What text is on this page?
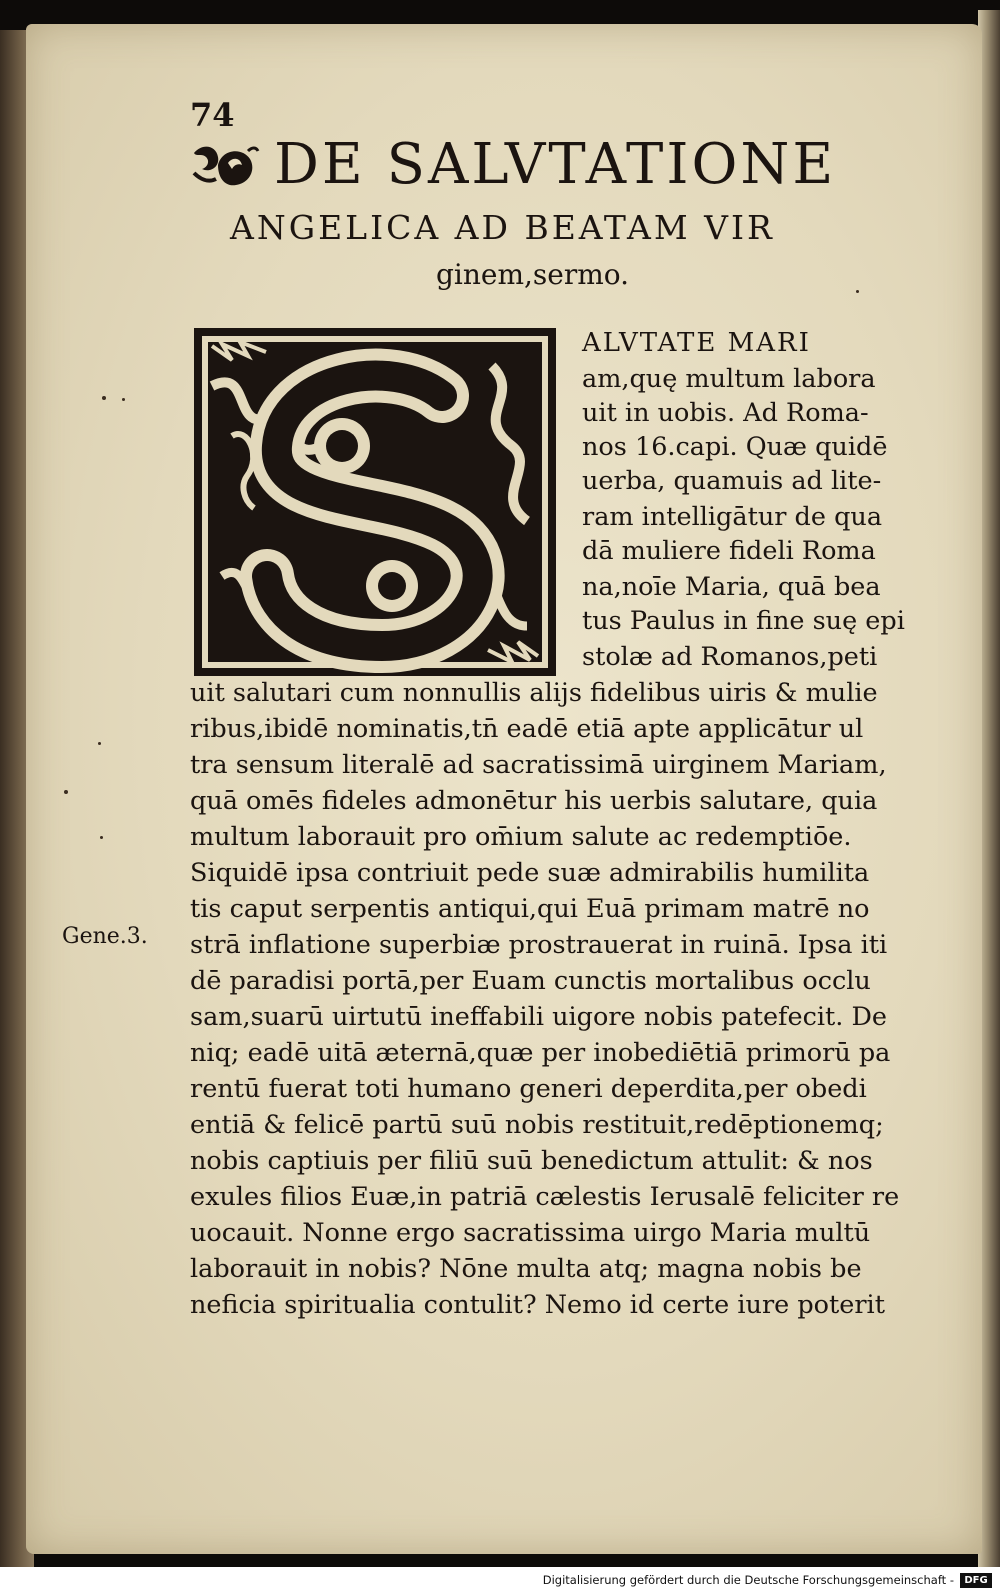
74
DE SALVTATIONE
ANGELICA AD BEATAM VIR
ginem,sermo.
ALVTATE MARI
am,quę multum labora
uit in uobis. Ad Roma-
nos 16.capi. Quæ quidē
uerba, quamuis ad lite-
ram intelligātur de qua
dā muliere fideli Roma
na,noīe Maria, quā bea
tus Paulus in fine suę epi
stolæ ad Romanos,peti
uit salutari cum nonnullis alijs fidelibus uiris & mulie
ribus,ibidē nominatis,tn̄ eadē etiā apte applicātur ul
tra sensum literalē ad sacratissimā uirginem Mariam,
quā omēs fideles admonētur his uerbis salutare, quia
multum laborauit pro om̄ium salute ac redemptiōe.
Siquidē ipsa contriuit pede suæ admirabilis humilita
tis caput serpentis antiqui,qui Euā primam matrē no
strā inflatione superbiæ prostrauerat in ruinā. Ipsa iti
dē paradisi portā,per Euam cunctis mortalibus occlu
sam,suarū uirtutū ineffabili uigore nobis patefecit. De
niq; eadē uitā æternā,quæ per inobediētiā primorū pa
rentū fuerat toti humano generi deperdita,per obedi
entiā & felicē partū suū nobis restituit,redēptionemq;
nobis captiuis per filiū suū benedictum attulit: & nos
exules filios Euæ,in patriā cælestis Ierusalē feliciter re
uocauit. Nonne ergo sacratissima uirgo Maria multū
laborauit in nobis? Nōne multa atq; magna nobis be
neficia spiritualia contulit? Nemo id certe iure poterit
Gene.3.
Digitalisierung gefördert durch die Deutsche Forschungsgemeinschaft -	DFG
